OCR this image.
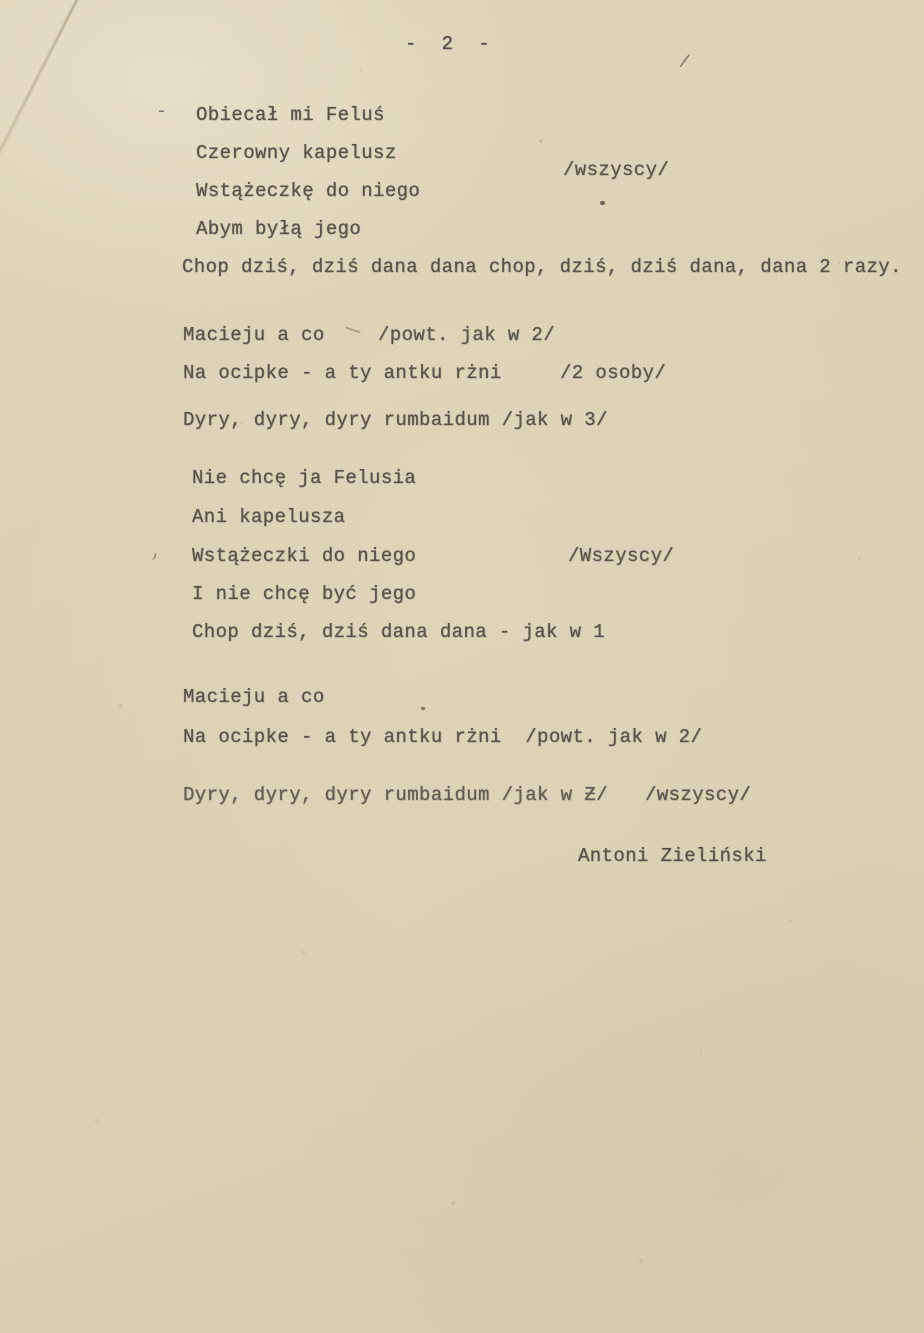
- 2 -
/
- Obiecał mi Feluś
Czerowny kapelusz
Wstążeczkę do niego
Abym byłą jego
Chop dziś, dziś dana dana chop, dziś, dziś dana, dana 2 razy.
/wszyscy/
Macieju a co	/powt. jak w 2/
Na ocipke - a ty antku rżni	/2 osoby/
Dyry, dyry, dyry rumbaidum /jak w 3/
Nie chcę ja Felusia
Ani kapelusza
Wstążeczki do niego	/Wszyscy/
I nie chcę być jego
Chop dziś, dziś dana dana - jak w 1
Macieju a co
Na ocipke - a ty antku rżni  /powt. jak w 2/
Dyry, dyry, dyry rumbaidum /jak w Ƶ/ /wszyscy/
Antoni Zieliński
